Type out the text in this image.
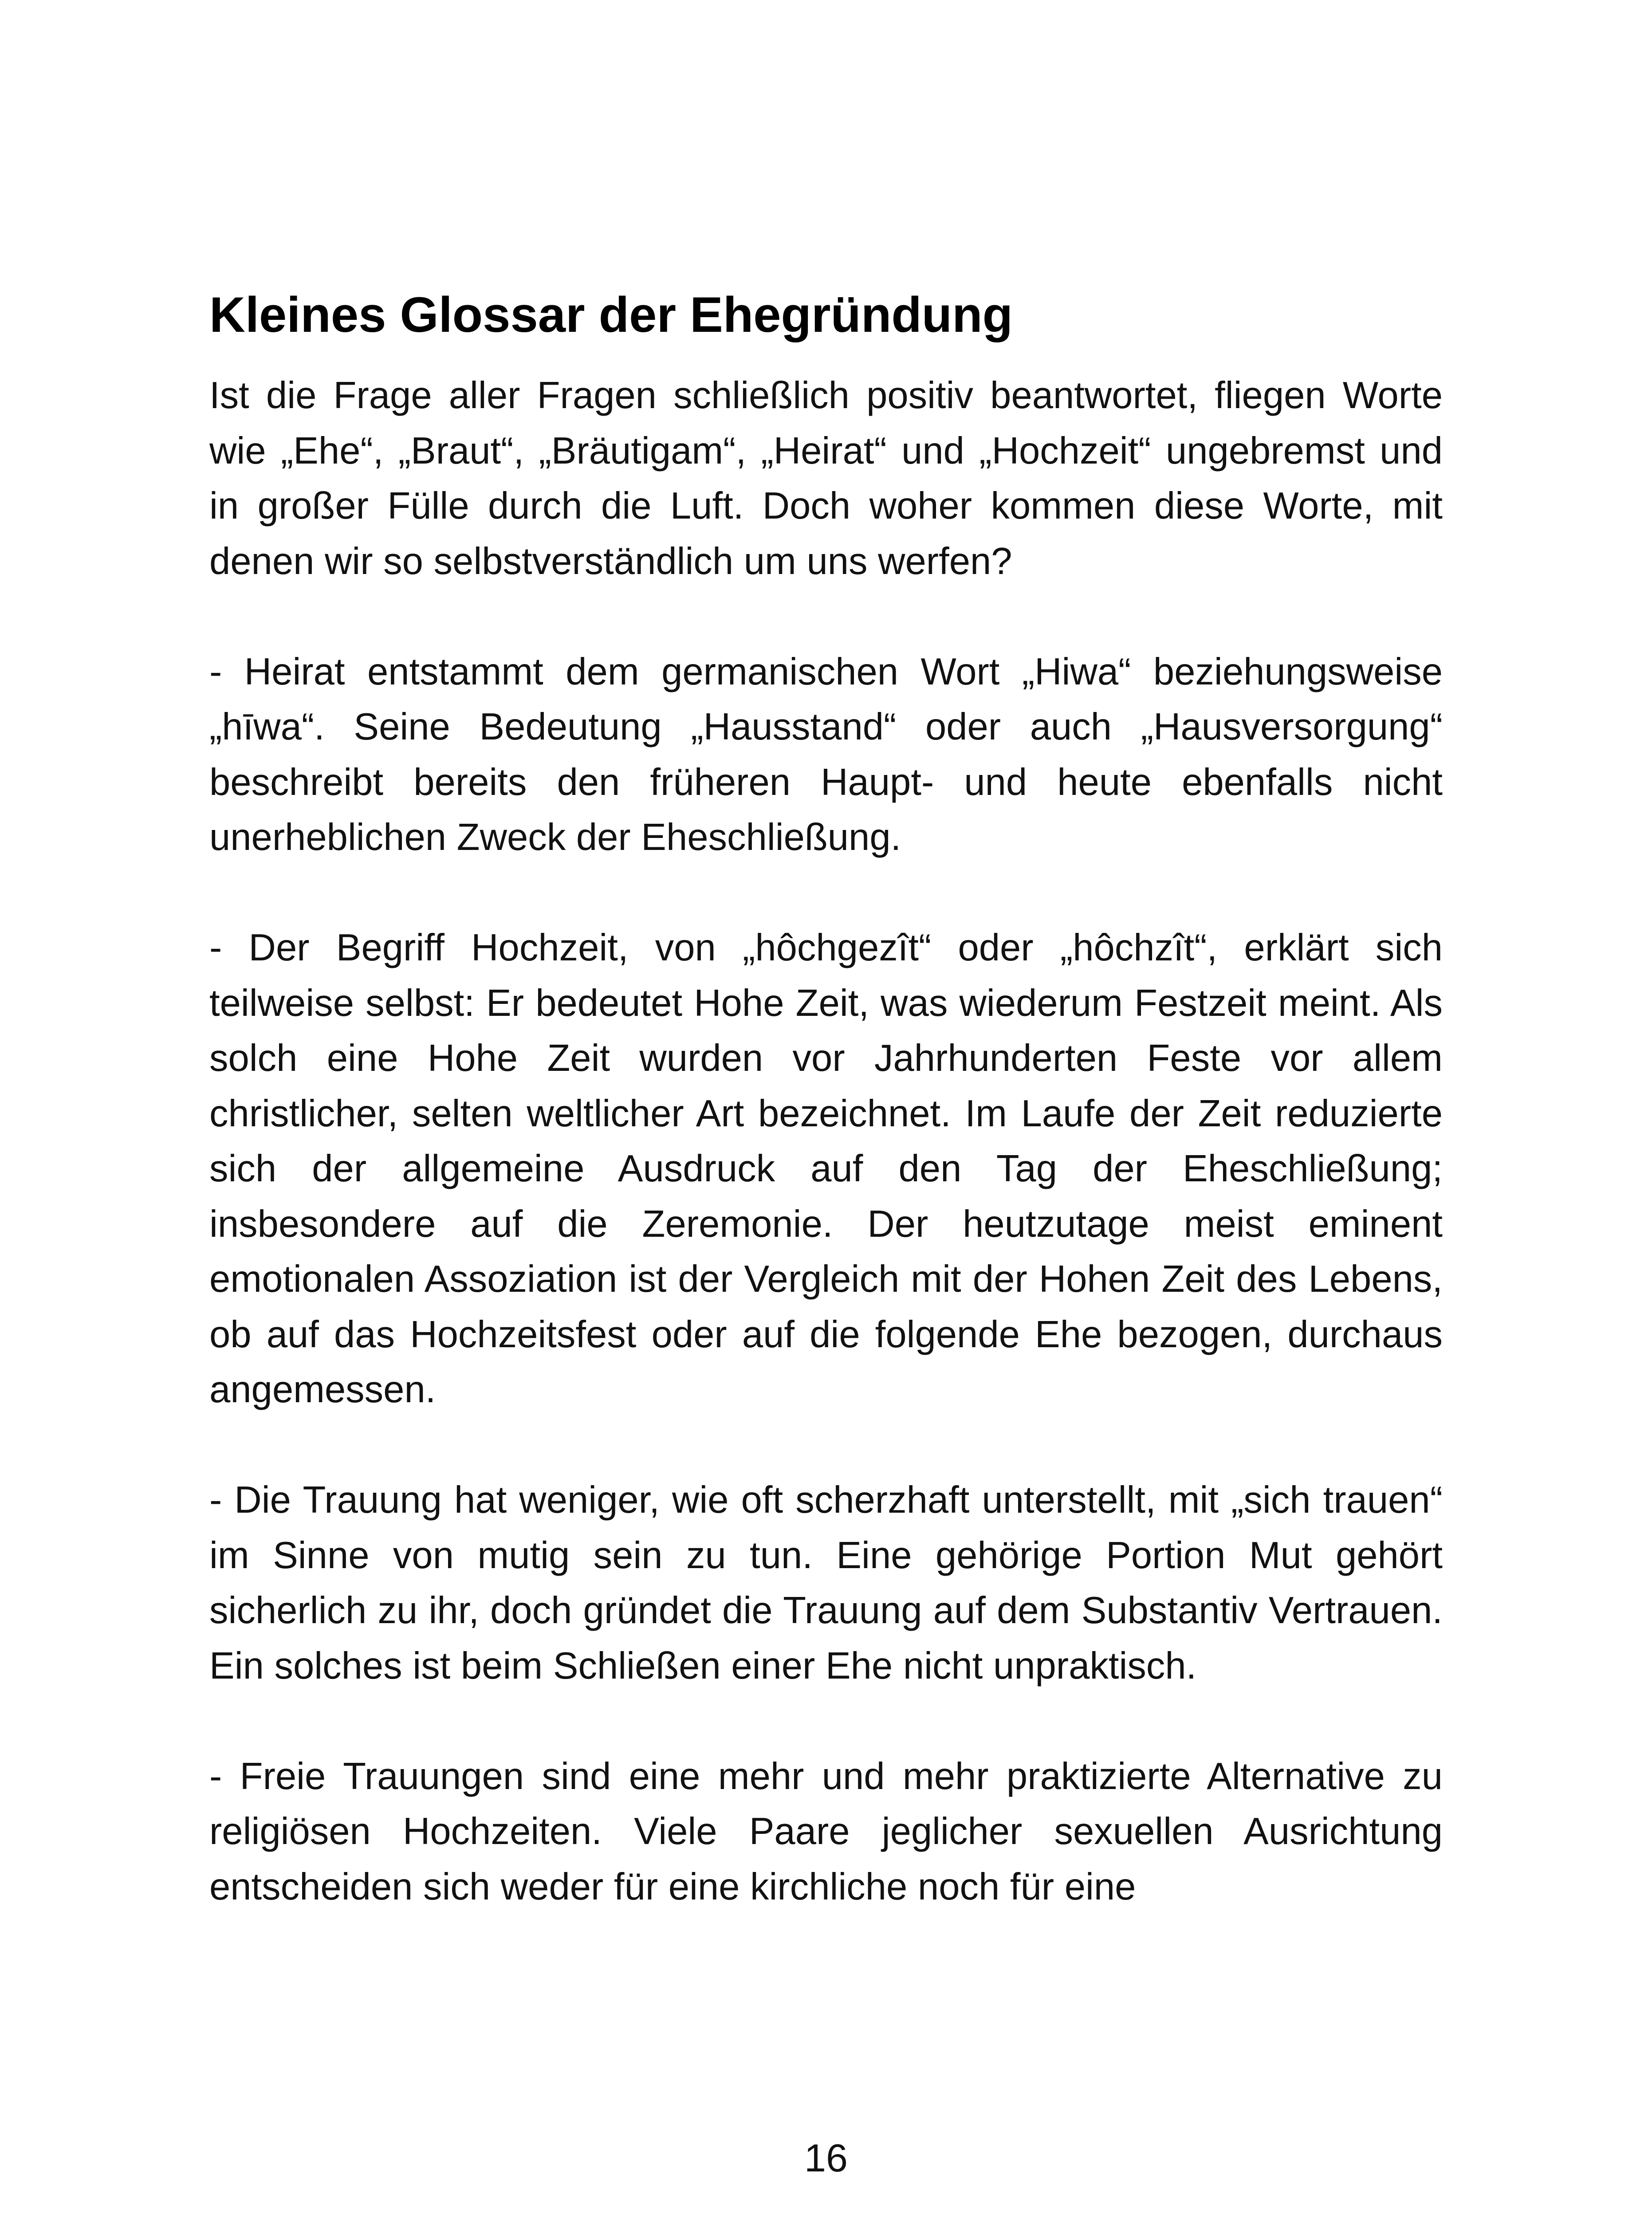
Kleines Glossar der Ehegründung

Ist die Frage aller Fragen schließlich positiv beantwortet, fliegen Worte wie „Ehe“, „Braut“, „Bräutigam“, „Heirat“ und „Hochzeit“ ungebremst und in großer Fülle durch die Luft. Doch woher kommen diese Worte, mit denen wir so selbstverständlich um uns werfen?

- Heirat entstammt dem germanischen Wort „Hiwa“ beziehungsweise „hīwa“. Seine Bedeutung „Hausstand“ oder auch „Hausversorgung“ beschreibt bereits den früheren Haupt- und heute ebenfalls nicht unerheblichen Zweck der Eheschließung.

- Der Begriff Hochzeit, von „hôchgezît“ oder „hôchzît“, erklärt sich teilweise selbst: Er bedeutet Hohe Zeit, was wiederum Festzeit meint. Als solch eine Hohe Zeit wurden vor Jahrhunderten Feste vor allem christlicher, selten weltlicher Art bezeichnet. Im Laufe der Zeit reduzierte sich der allgemeine Ausdruck auf den Tag der Eheschließung; insbesondere auf die Zeremonie. Der heutzutage meist eminent emotionalen Assoziation ist der Vergleich mit der Hohen Zeit des Lebens, ob auf das Hochzeitsfest oder auf die folgende Ehe bezogen, durchaus angemessen.

- Die Trauung hat weniger, wie oft scherzhaft unterstellt, mit „sich trauen“ im Sinne von mutig sein zu tun. Eine gehörige Portion Mut gehört sicherlich zu ihr, doch gründet die Trauung auf dem Substantiv Vertrauen. Ein solches ist beim Schließen einer Ehe nicht unpraktisch.

- Freie Trauungen sind eine mehr und mehr praktizierte Alternative zu religiösen Hochzeiten. Viele Paare jeglicher sexuellen Ausrichtung entscheiden sich weder für eine kirchliche noch für eine

16
